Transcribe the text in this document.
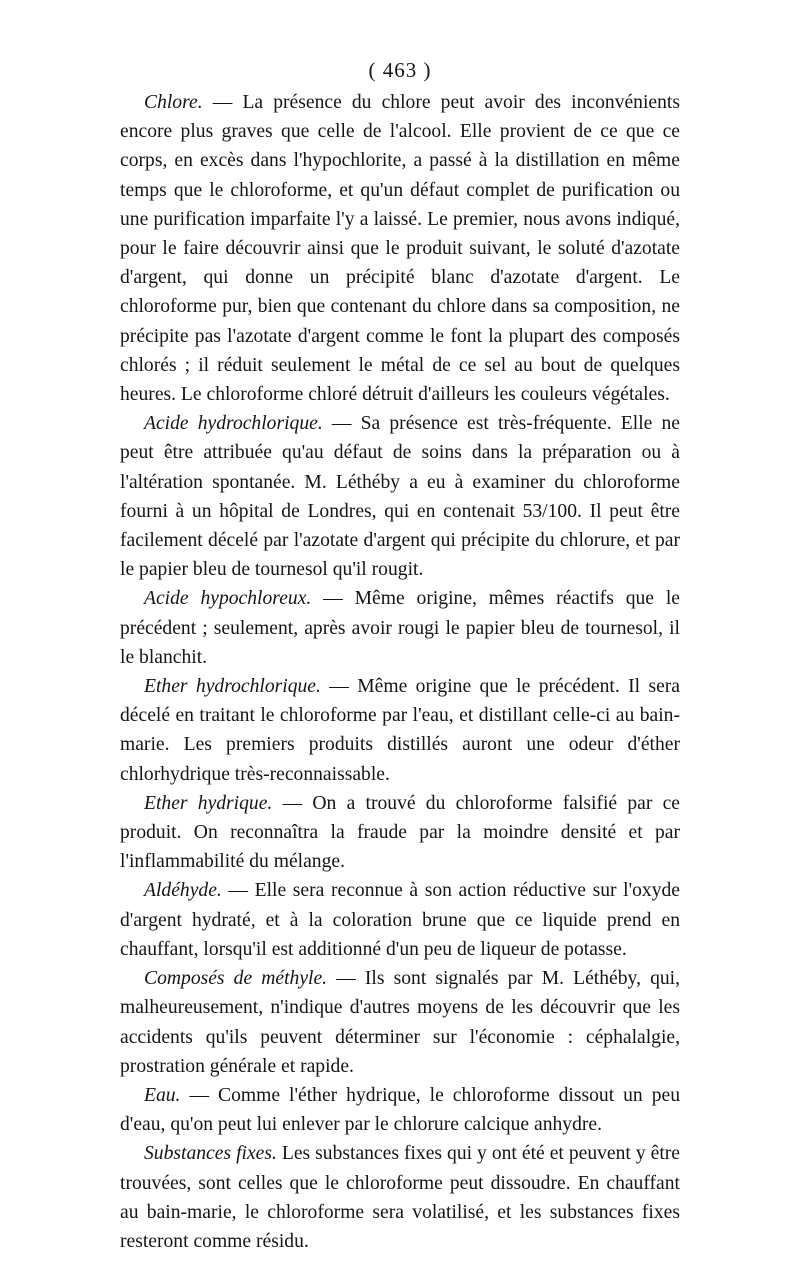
( 463 )

Chlore. — La présence du chlore peut avoir des inconvénients encore plus graves que celle de l'alcool. Elle provient de ce que ce corps, en excès dans l'hypochlorite, a passé à la distillation en même temps que le chloroforme, et qu'un défaut complet de purification ou une purification imparfaite l'y a laissé. Le premier, nous avons indiqué, pour le faire découvrir ainsi que le produit suivant, le soluté d'azotate d'argent, qui donne un précipité blanc d'azotate d'argent. Le chloroforme pur, bien que contenant du chlore dans sa composition, ne précipite pas l'azotate d'argent comme le font la plupart des composés chlorés ; il réduit seulement le métal de ce sel au bout de quelques heures. Le chloroforme chloré détruit d'ailleurs les couleurs végétales.

Acide hydrochlorique. — Sa présence est très-fréquente. Elle ne peut être attribuée qu'au défaut de soins dans la préparation ou à l'altération spontanée. M. Léthéby a eu à examiner du chloroforme fourni à un hôpital de Londres, qui en contenait 53/100. Il peut être facilement décelé par l'azotate d'argent qui précipite du chlorure, et par le papier bleu de tournesol qu'il rougit.

Acide hypochloreux. — Même origine, mêmes réactifs que le précédent ; seulement, après avoir rougi le papier bleu de tournesol, il le blanchit.

Ether hydrochlorique. — Même origine que le précédent. Il sera décelé en traitant le chloroforme par l'eau, et distillant celle-ci au bain-marie. Les premiers produits distillés auront une odeur d'éther chlorhydrique très-reconnaissable.

Ether hydrique. — On a trouvé du chloroforme falsifié par ce produit. On reconnaîtra la fraude par la moindre densité et par l'inflammabilité du mélange.

Aldéhyde. — Elle sera reconnue à son action réductive sur l'oxyde d'argent hydraté, et à la coloration brune que ce liquide prend en chauffant, lorsqu'il est additionné d'un peu de liqueur de potasse.

Composés de méthyle. — Ils sont signalés par M. Léthéby, qui, malheureusement, n'indique d'autres moyens de les découvrir que les accidents qu'ils peuvent déterminer sur l'économie : céphalalgie, prostration générale et rapide.

Eau. — Comme l'éther hydrique, le chloroforme dissout un peu d'eau, qu'on peut lui enlever par le chlorure calcique anhydre.

Substances fixes. Les substances fixes qui y ont été et peuvent y être trouvées, sont celles que le chloroforme peut dissoudre. En chauffant au bain-marie, le chloroforme sera volatilisé, et les substances fixes resteront comme résidu.
